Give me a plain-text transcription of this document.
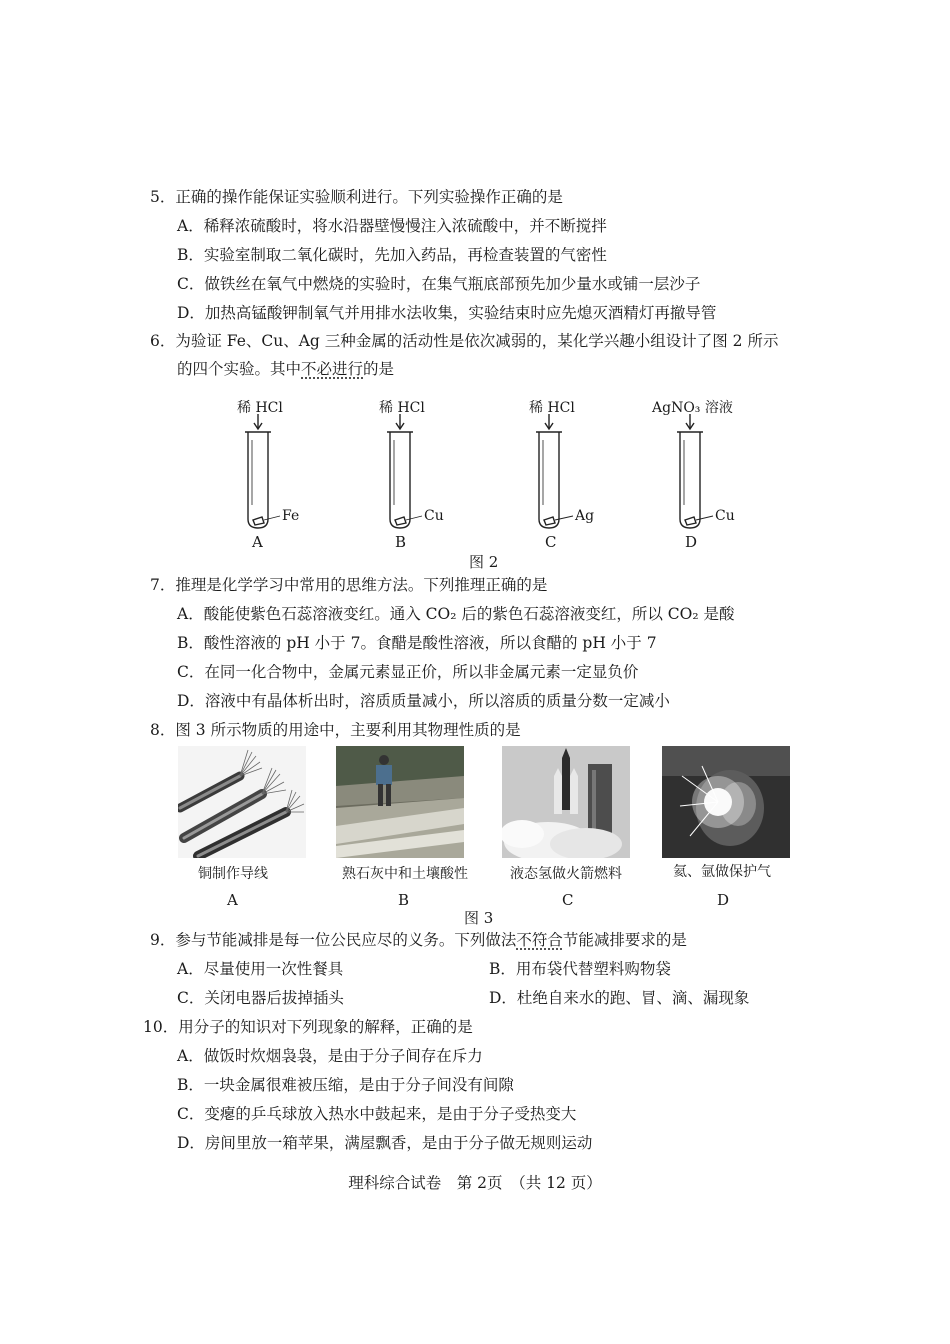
5．正确的操作能保证实验顺利进行。下列实验操作正确的是
A．稀释浓硫酸时，将水沿器壁慢慢注入浓硫酸中，并不断搅拌
B．实验室制取二氧化碳时，先加入药品，再检查装置的气密性
C．做铁丝在氧气中燃烧的实验时，在集气瓶底部预先加少量水或铺一层沙子
D．加热高锰酸钾制氧气并用排水法收集，实验结束时应先熄灭酒精灯再撤导管
6．为验证 Fe、Cu、Ag 三种金属的活动性是依次减弱的，某化学兴趣小组设计了图 2 所示
的四个实验。其中不必进行的是
稀 HCl	稀 HCl	稀 HCl	AgNO₃ 溶液
Fe	Cu	Ag	Cu
A	B	C	D
图 2
7．推理是化学学习中常用的思维方法。下列推理正确的是
A．酸能使紫色石蕊溶液变红。通入 CO₂ 后的紫色石蕊溶液变红，所以 CO₂ 是酸
B．酸性溶液的 pH 小于 7。食醋是酸性溶液，所以食醋的 pH 小于 7
C．在同一化合物中，金属元素显正价，所以非金属元素一定显负价
D．溶液中有晶体析出时，溶质质量减小，所以溶质的质量分数一定减小
8．图 3 所示物质的用途中，主要利用其物理性质的是
铜制作导线	熟石灰中和土壤酸性	液态氢做火箭燃料	氦、氩做保护气
A	B	C	D
图 3
9．参与节能减排是每一位公民应尽的义务。下列做法不符合节能减排要求的是
A．尽量使用一次性餐具	B．用布袋代替塑料购物袋
C．关闭电器后拔掉插头	D．杜绝自来水的跑、冒、滴、漏现象
10．用分子的知识对下列现象的解释，正确的是
A．做饭时炊烟袅袅，是由于分子间存在斥力
B．一块金属很难被压缩，是由于分子间没有间隙
C．变瘪的乒乓球放入热水中鼓起来，是由于分子受热变大
D．房间里放一箱苹果，满屋飘香，是由于分子做无规则运动
理科综合试卷　第 2页　（共 12 页）
